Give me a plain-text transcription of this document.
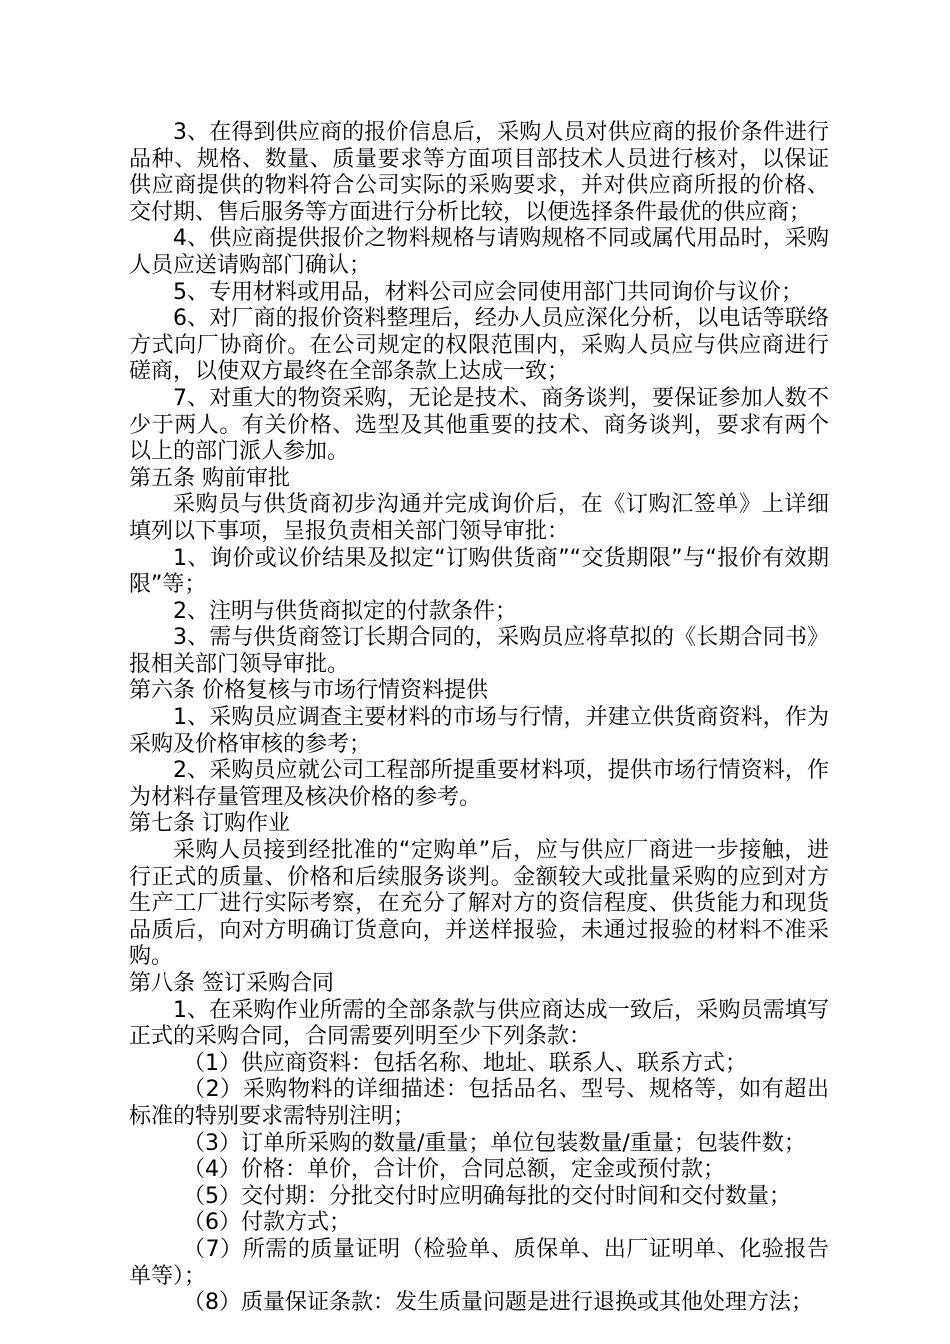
3、在得到供应商的报价信息后，采购人员对供应商的报价条件进行品种、规格、数量、质量要求等方面项目部技术人员进行核对，以保证供应商提供的物料符合公司实际的采购要求，并对供应商所报的价格、交付期、售后服务等方面进行分析比较，以便选择条件最优的供应商；

4、供应商提供报价之物料规格与请购规格不同或属代用品时，采购人员应送请购部门确认；

5、专用材料或用品，材料公司应会同使用部门共同询价与议价；

6、对厂商的报价资料整理后，经办人员应深化分析，以电话等联络方式向厂协商价。在公司规定的权限范围内，采购人员应与供应商进行磋商，以使双方最终在全部条款上达成一致；

7、对重大的物资采购，无论是技术、商务谈判，要保证参加人数不少于两人。有关价格、选型及其他重要的技术、商务谈判，要求有两个以上的部门派人参加。

第五条 购前审批

采购员与供货商初步沟通并完成询价后，在《订购汇签单》上详细填列以下事项，呈报负责相关部门领导审批：

1、询价或议价结果及拟定“订购供货商”“交货期限”与“报价有效期限”等；

2、注明与供货商拟定的付款条件；

3、需与供货商签订长期合同的，采购员应将草拟的《长期合同书》报相关部门领导审批。

第六条 价格复核与市场行情资料提供

1、采购员应调查主要材料的市场与行情，并建立供货商资料，作为采购及价格审核的参考；

2、采购员应就公司工程部所提重要材料项，提供市场行情资料，作为材料存量管理及核决价格的参考。

第七条 订购作业

采购人员接到经批准的“定购单”后，应与供应厂商进一步接触，进行正式的质量、价格和后续服务谈判。金额较大或批量采购的应到对方生产工厂进行实际考察，在充分了解对方的资信程度、供货能力和现货品质后，向对方明确订货意向，并送样报验，未通过报验的材料不准采购。

第八条 签订采购合同

1、在采购作业所需的全部条款与供应商达成一致后，采购员需填写正式的采购合同，合同需要列明至少下列条款：

（1）供应商资料：包括名称、地址、联系人、联系方式；

（2）采购物料的详细描述：包括品名、型号、规格等，如有超出标准的特别要求需特别注明；

（3）订单所采购的数量/重量；单位包装数量/重量；包装件数；

（4）价格：单价，合计价，合同总额，定金或预付款；

（5）交付期：分批交付时应明确每批的交付时间和交付数量；

（6）付款方式；

（7）所需的质量证明（检验单、质保单、出厂证明单、化验报告单等）；

（8）质量保证条款：发生质量问题是进行退换或其他处理方法；
